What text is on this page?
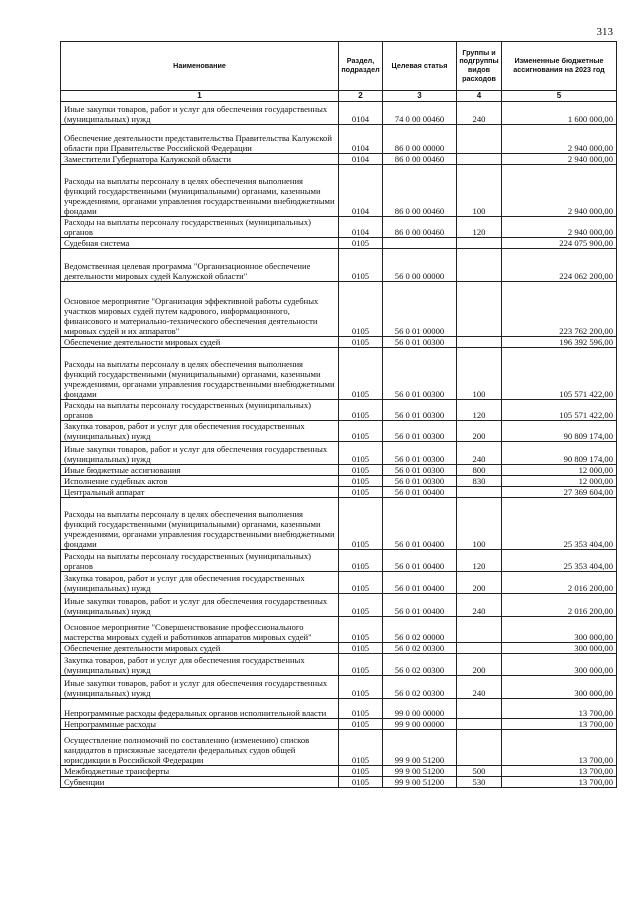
313
Наименование	Раздел, подраздел	Целевая статья	Группы и подгруппы видов расходов	Измененные бюджетные ассигнования на 2023 год
1	2	3	4	5
Иные закупки товаров, работ и услуг для обеспечения государственных (муниципальных) нужд	0104	74 0 00 00460	240	1 600 000,00
Обеспечение деятельности представительства Правительства Калужской области при Правительстве Российской Федерации	0104	86 0 00 00000		2 940 000,00
Заместители Губернатора Калужской области	0104	86 0 00 00460		2 940 000,00
Расходы на выплаты персоналу в целях обеспечения выполнения функций государственными (муниципальными) органами, казенными учреждениями, органами управления государственными внебюджетными фондами	0104	86 0 00 00460	100	2 940 000,00
Расходы на выплаты персоналу государственных (муниципальных) органов	0104	86 0 00 00460	120	2 940 000,00
Судебная система	0105			224 075 900,00
Ведомственная целевая программа "Организационное обеспечение деятельности мировых судей Калужской области"	0105	56 0 00 00000		224 062 200,00
Основное мероприятие "Организация эффективной работы судебных участков мировых судей путем кадрового, информационного, финансового и материально-технического обеспечения деятельности мировых судей и их аппаратов"	0105	56 0 01 00000		223 762 200,00
Обеспечение деятельности мировых судей	0105	56 0 01 00300		196 392 596,00
Расходы на выплаты персоналу в целях обеспечения выполнения функций государственными (муниципальными) органами, казенными учреждениями, органами управления государственными внебюджетными фондами	0105	56 0 01 00300	100	105 571 422,00
Расходы на выплаты персоналу государственных (муниципальных) органов	0105	56 0 01 00300	120	105 571 422,00
Закупка товаров, работ и услуг для обеспечения государственных (муниципальных) нужд	0105	56 0 01 00300	200	90 809 174,00
Иные закупки товаров, работ и услуг для обеспечения государственных (муниципальных) нужд	0105	56 0 01 00300	240	90 809 174,00
Иные бюджетные ассигнования	0105	56 0 01 00300	800	12 000,00
Исполнение судебных актов	0105	56 0 01 00300	830	12 000,00
Центральный аппарат	0105	56 0 01 00400		27 369 604,00
Расходы на выплаты персоналу в целях обеспечения выполнения функций государственными (муниципальными) органами, казенными учреждениями, органами управления государственными внебюджетными фондами	0105	56 0 01 00400	100	25 353 404,00
Расходы на выплаты персоналу государственных (муниципальных) органов	0105	56 0 01 00400	120	25 353 404,00
Закупка товаров, работ и услуг для обеспечения государственных (муниципальных) нужд	0105	56 0 01 00400	200	2 016 200,00
Иные закупки товаров, работ и услуг для обеспечения государственных (муниципальных) нужд	0105	56 0 01 00400	240	2 016 200,00
Основное мероприятие "Совершенствование профессионального мастерства мировых судей и работников аппаратов мировых судей"	0105	56 0 02 00000		300 000,00
Обеспечение деятельности мировых судей	0105	56 0 02 00300		300 000,00
Закупка товаров, работ и услуг для обеспечения государственных (муниципальных) нужд	0105	56 0 02 00300	200	300 000,00
Иные закупки товаров, работ и услуг для обеспечения государственных (муниципальных) нужд	0105	56 0 02 00300	240	300 000,00
Непрограммные расходы федеральных органов исполнительной власти	0105	99 0 00 00000		13 700,00
Непрограммные расходы	0105	99 9 00 00000		13 700,00
Осуществление полномочий по составлению (изменению) списков кандидатов в присяжные заседатели федеральных судов общей юрисдикции в Российской Федерации	0105	99 9 00 51200		13 700,00
Межбюджетные трансферты	0105	99 9 00 51200	500	13 700,00
Субвенции	0105	99 9 00 51200	530	13 700,00
